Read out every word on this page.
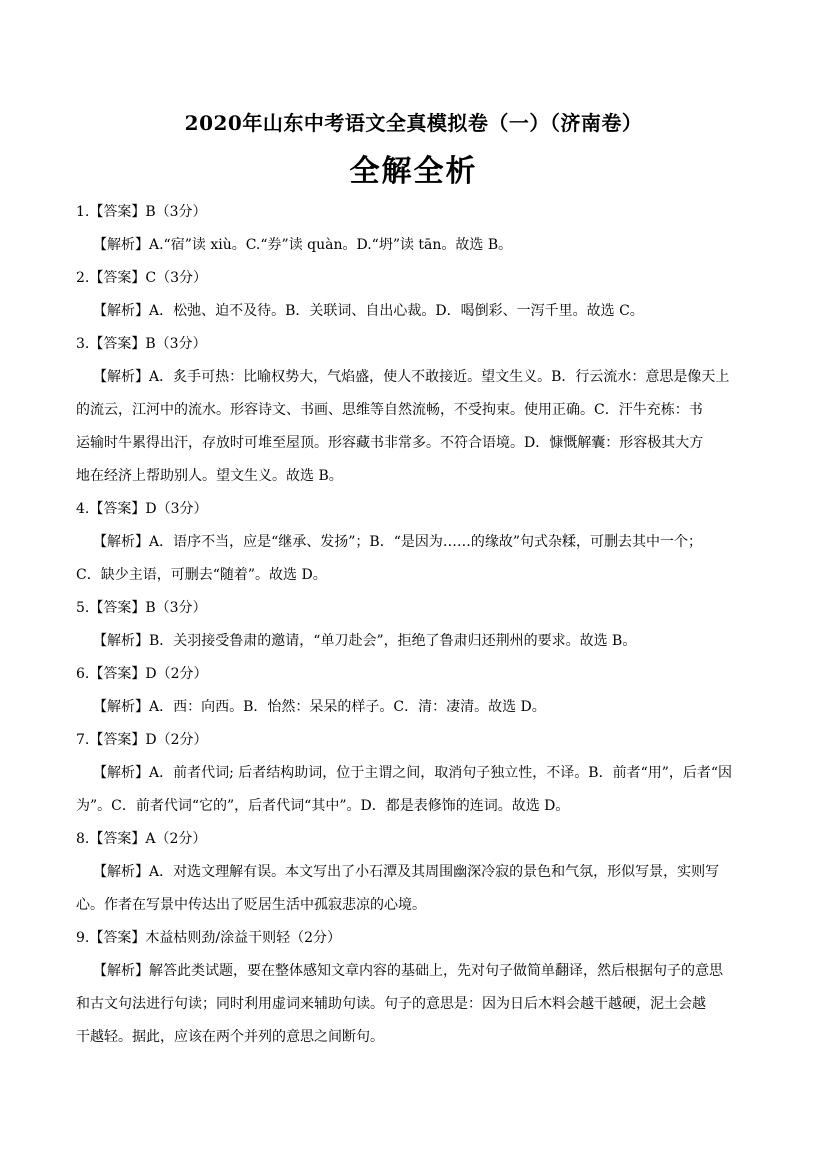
2020年山东中考语文全真模拟卷（一）（济南卷）
全解全析
1.【答案】B（3分）
【解析】A.“宿”读 xiù。C.“券”读 quàn。D.“坍”读 tān。故选 B。
2.【答案】C（3分）
【解析】A．松弛、迫不及待。B．关联词、自出心裁。D．喝倒彩、一泻千里。故选 C。
3.【答案】B（3分）
【解析】A．炙手可热：比喻权势大，气焰盛，使人不敢接近。望文生义。B．行云流水：意思是像天上
的流云，江河中的流水。形容诗文、书画、思维等自然流畅，不受拘束。使用正确。C．汗牛充栋：书
运输时牛累得出汗，存放时可堆至屋顶。形容藏书非常多。不符合语境。D．慷慨解囊：形容极其大方
地在经济上帮助别人。望文生义。故选 B。
4.【答案】D（3分）
【解析】A．语序不当，应是“继承、发扬”；B．“是因为……的缘故”句式杂糅，可删去其中一个；
C．缺少主语，可删去“随着”。故选 D。
5.【答案】B（3分）
【解析】B．关羽接受鲁肃的邀请，“单刀赴会”，拒绝了鲁肃归还荆州的要求。故选 B。
6.【答案】D（2分）
【解析】A．西：向西。B．怡然：呆呆的样子。C．清：凄清。故选 D。
7.【答案】D（2分）
【解析】A．前者代词; 后者结构助词，位于主谓之间，取消句子独立性，不译。B．前者“用”，后者“因
为”。C．前者代词“它的”，后者代词“其中”。D．都是表修饰的连词。故选 D。
8.【答案】A（2分）
【解析】A．对选文理解有误。本文写出了小石潭及其周围幽深冷寂的景色和气氛，形似写景，实则写
心。作者在写景中传达出了贬居生活中孤寂悲凉的心境。
9.【答案】木益枯则劲/涂益干则轻（2分）
【解析】解答此类试题，要在整体感知文章内容的基础上，先对句子做简单翻译，然后根据句子的意思
和古文句法进行句读；同时利用虚词来辅助句读。句子的意思是：因为日后木料会越干越硬，泥土会越
干越轻。据此，应该在两个并列的意思之间断句。
